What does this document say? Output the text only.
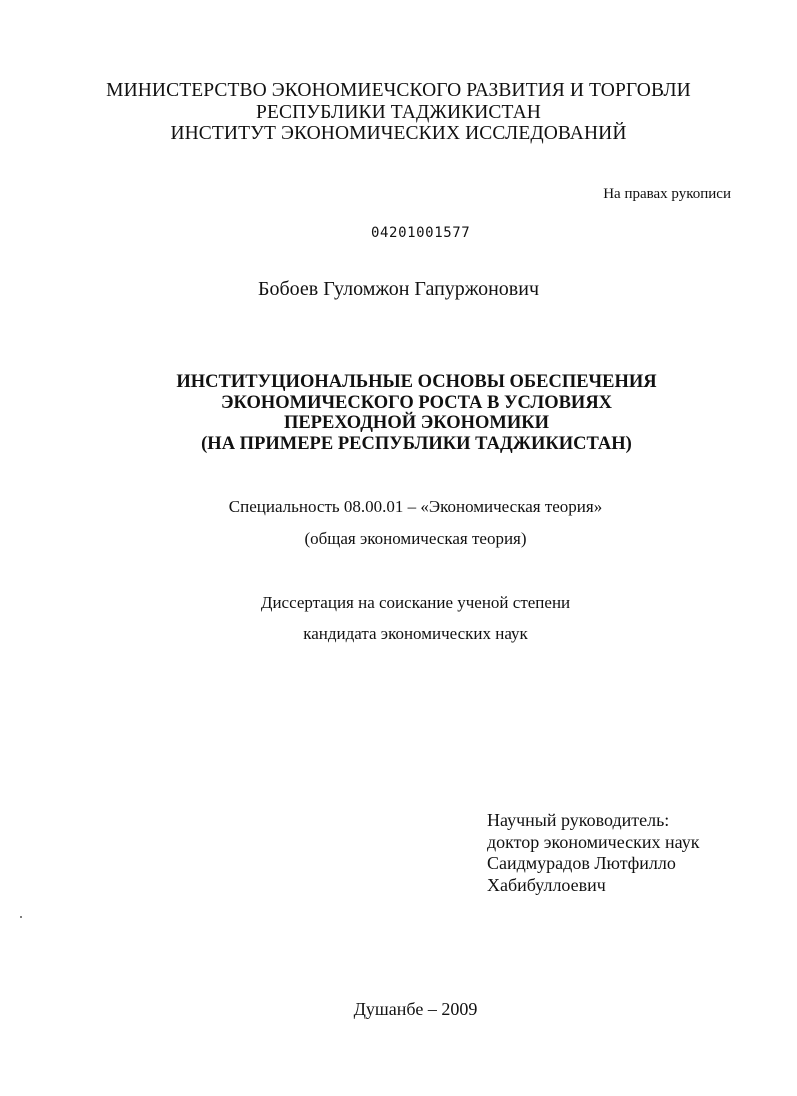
МИНИСТЕРСТВО ЭКОНОМИЕЧСКОГО РАЗВИТИЯ И ТОРГОВЛИ
РЕСПУБЛИКИ ТАДЖИКИСТАН
ИНСТИТУТ ЭКОНОМИЧЕСКИХ ИССЛЕДОВАНИЙ
На правах рукописи
04201001577
Бобоев Гуломжон Гапуржонович
ИНСТИТУЦИОНАЛЬНЫЕ ОСНОВЫ ОБЕСПЕЧЕНИЯ
ЭКОНОМИЧЕСКОГО РОСТА В УСЛОВИЯХ
ПЕРЕХОДНОЙ ЭКОНОМИКИ
(НА ПРИМЕРЕ РЕСПУБЛИКИ ТАДЖИКИСТАН)
Специальность 08.00.01 – «Экономическая теория»
(общая экономическая теория)
Диссертация на соискание ученой степени
кандидата экономических наук
Научный руководитель:
доктор экономических наук
Саидмурадов Лютфилло
Хабибуллоевич
Душанбе – 2009
